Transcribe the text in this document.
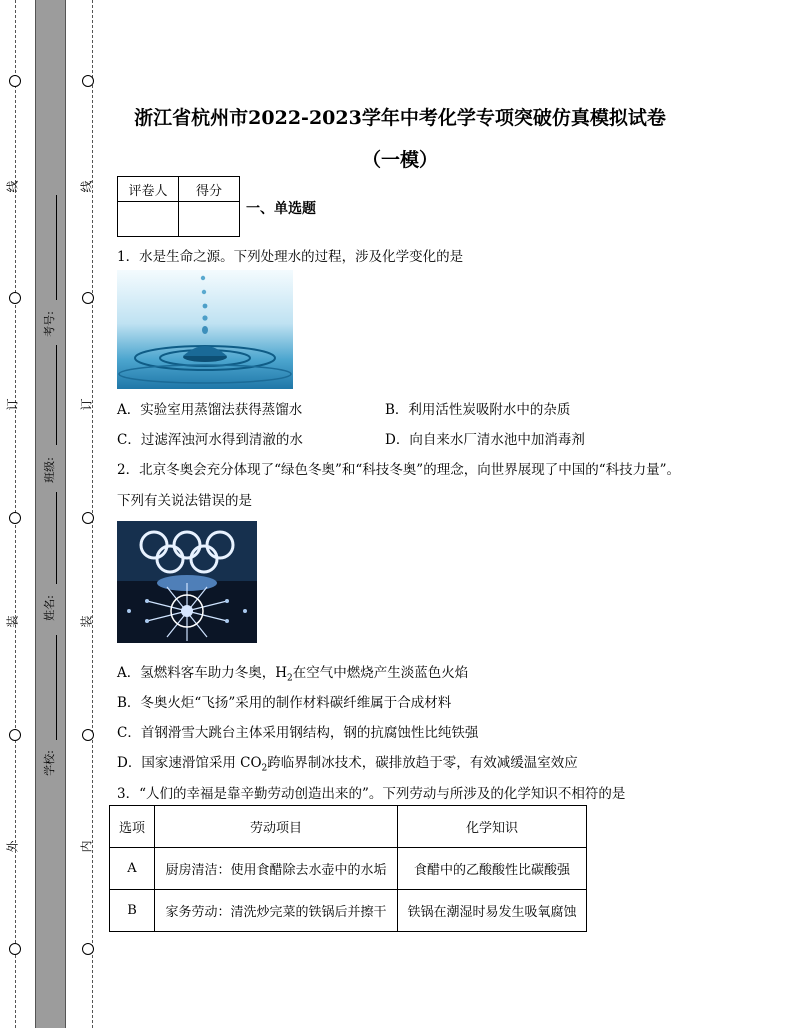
线
订
装
外
线
订
装
内
考号:
班级:
姓名:
学校:
浙江省杭州市2022-2023学年中考化学专项突破仿真模拟试卷
（一模）
评卷人	得分

一、单选题
1．水是生命之源。下列处理水的过程，涉及化学变化的是
A．实验室用蒸馏法获得蒸馏水	B．利用活性炭吸附水中的杂质
C．过滤浑浊河水得到清澈的水	D．向自来水厂清水池中加消毒剂
2．北京冬奥会充分体现了“绿色冬奥”和“科技冬奥”的理念，向世界展现了中国的“科技力量”。
下列有关说法错误的是
A．氢燃料客车助力冬奥，$H_2$在空气中燃烧产生淡蓝色火焰
B．冬奥火炬“飞扬”采用的制作材料碳纤维属于合成材料
C．首钢滑雪大跳台主体采用钢结构，钢的抗腐蚀性比纯铁强
D．国家速滑馆采用 $CO_2$跨临界制冰技术，碳排放趋于零，有效减缓温室效应
3．“人们的幸福是靠辛勤劳动创造出来的”。下列劳动与所涉及的化学知识不相符的是
选项	劳动项目	化学知识
A	厨房清洁：使用食醋除去水壶中的水垢	食醋中的乙酸酸性比碳酸强
B	家务劳动：清洗炒完菜的铁锅后并擦干	铁锅在潮湿时易发生吸氧腐蚀
